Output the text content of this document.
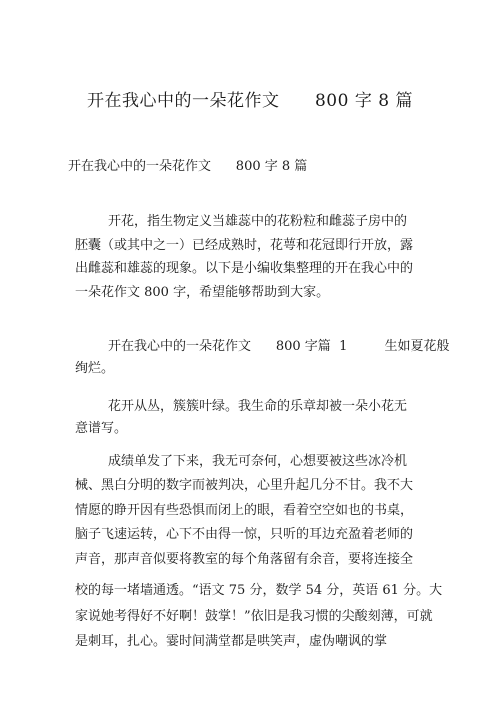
开在我心中的一朵花作文      800 字 8 篇
开在我心中的一朵花作文      800 字 8 篇
开花，指生物定义当雄蕊中的花粉粒和雌蕊子房中的
胚囊（或其中之一）已经成熟时，花萼和花冠即行开放，露
出雌蕊和雄蕊的现象。以下是小编收集整理的开在我心中的
一朵花作文 800 字，希望能够帮助到大家。
开在我心中的一朵花作文      800 字篇  1         生如夏花般
绚烂。
花开从丛，簇簇叶绿。我生命的乐章却被一朵小花无
意谱写。
成绩单发了下来，我无可奈何，心想要被这些冰冷机
械、黑白分明的数字而被判决，心里升起几分不甘。我不大
情愿的睁开因有些恐惧而闭上的眼，看着空空如也的书桌，
脑子飞速运转，心下不由得一惊，只听的耳边充盈着老师的
声音，那声音似要将教室的每个角落留有余音，要将连接全
校的每一堵墙通透。“语文 75 分，数学 54 分，英语 61 分。大
家说她考得好不好啊！鼓掌！”依旧是我习惯的尖酸刻薄，可就
是刺耳，扎心。霎时间满堂都是哄笑声，虚伪嘲讽的掌
